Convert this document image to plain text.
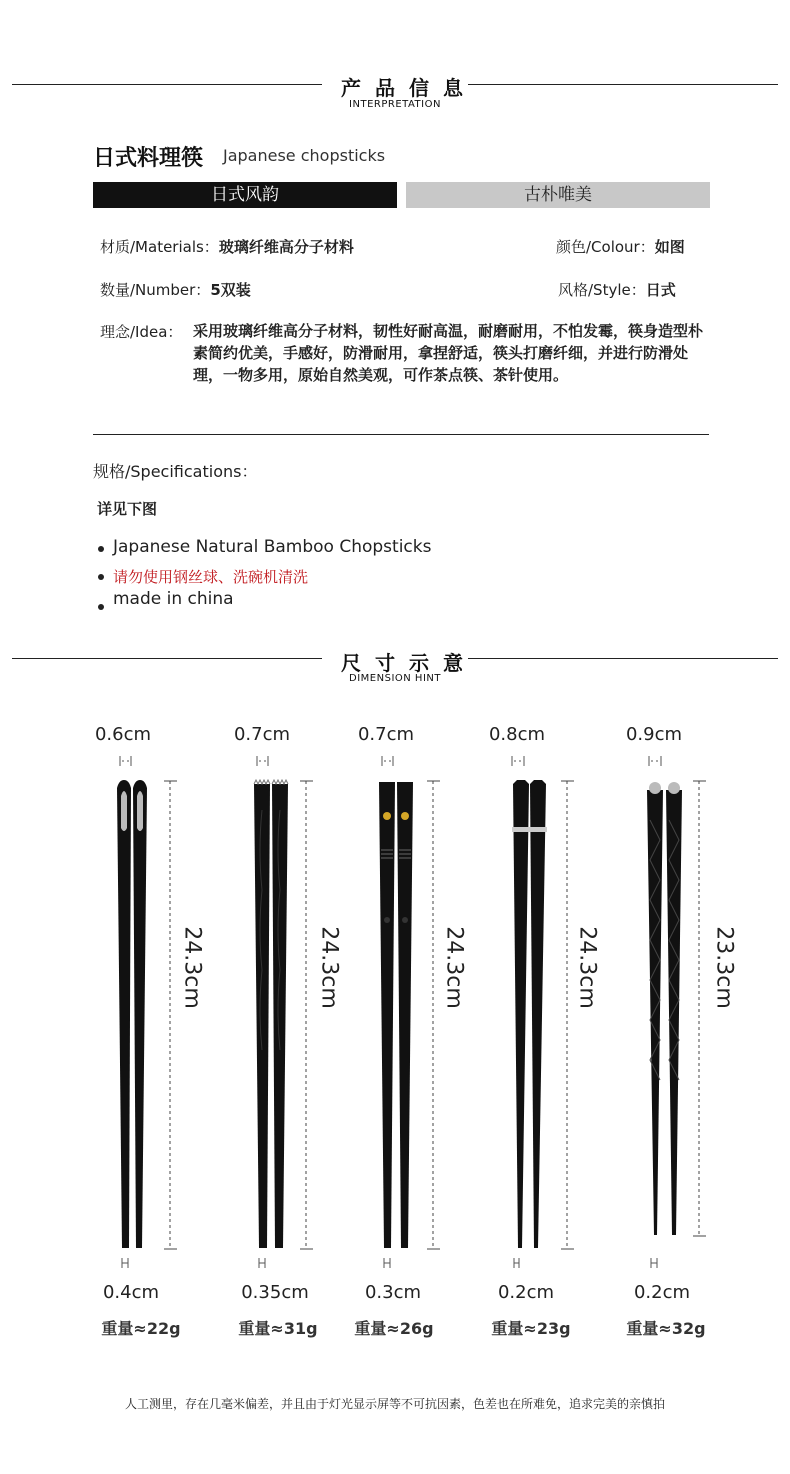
产品信息
INTERPRETATION
日式料理筷 Japanese chopsticks
日式风韵	古朴唯美
材质/Materials：玻璃纤维高分子材料	颜色/Colour：如图
数量/Number：5双装	风格/Style：日式
理念/Idea： 采用玻璃纤维高分子材料，韧性好耐高温，耐磨耐用，不怕发霉，筷身造型朴素简约优美，手感好，防滑耐用，拿捏舒适，筷头打磨纤细，并进行防滑处理，一物多用，原始自然美观，可作茶点筷、茶针使用。
规格/Specifications：
详见下图
Japanese Natural Bamboo Chopsticks
请勿使用钢丝球、洗碗机清洗
made in china
尺寸示意
DIMENSION HINT
0.6cm	0.7cm	0.7cm	0.8cm	0.9cm
24.3cm	24.3cm	24.3cm	24.3cm	23.3cm
0.4cm	0.35cm	0.3cm	0.2cm	0.2cm
重量≈22g	重量≈31g	重量≈26g	重量≈23g	重量≈32g
人工测里，存在几毫米偏差，并且由于灯光显示屏等不可抗因素，色差也在所难免，追求完美的亲慎拍
